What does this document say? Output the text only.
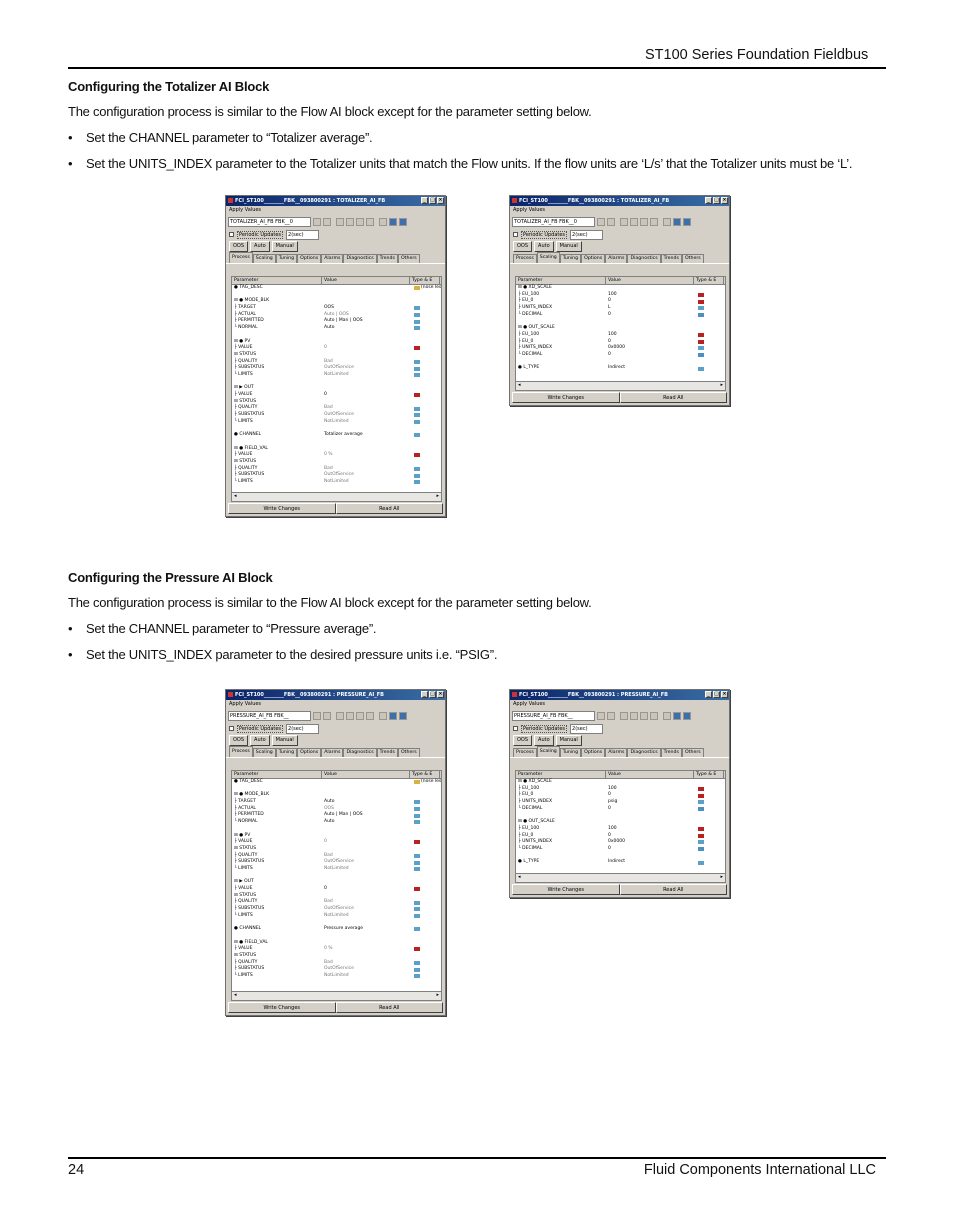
ST100 Series Foundation Fieldbus
Configuring the Totalizer AI Block
The configuration process is similar to the Flow AI block except for the parameter setting below.
• Set the CHANNEL parameter to “Totalizer average”.
• Set the UNITS_INDEX parameter to the Totalizer units that match the Flow units. If the flow units are ‘L/s’ that the Totalizer units must be ‘L’.
Configuring the Pressure AI Block
The configuration process is similar to the Flow AI block except for the parameter setting below.
• Set the CHANNEL parameter to “Pressure average”.
• Set the UNITS_INDEX parameter to the desired pressure units i.e. “PSIG”.
FCI_ST100________FBK__093800291 : TOTALIZER_AI_FB	_ □ ×
Apply Values
TOTALIZER_AI_FB FBK__0
Periodic Updates	2(sec)
OOS	Auto	Manual
Process	Scaling	Tuning	Options	Alarms	Diagnostics	Trends	Others
Parameter	Value	Type & E
● TAG_DESC	(nose les
⊟ ● MODE_BLK
├ TARGET	OOS
├ ACTUAL	Auto | OOS
├ PERMITTED	Auto | Man | OOS
└ NORMAL	Auto
⊟ ● PV
├ VALUE	0
⊟ STATUS
├ QUALITY	Bad
├ SUBSTATUS	OutOfService
└ LIMITS	NotLimited
⊟ ▶ OUT
├ VALUE	0
⊟ STATUS
├ QUALITY	Bad
├ SUBSTATUS	OutOfService
└ LIMITS	NotLimited
● CHANNEL	Totalizer average
⊟ ● FIELD_VAL
├ VALUE	0 %
⊟ STATUS
├ QUALITY	Bad
├ SUBSTATUS	OutOfService
└ LIMITS	NotLimited
◂	▸
Write Changes	Read All
FCI_ST100________FBK__093800291 : TOTALIZER_AI_FB	_ □ ×
Apply Values
TOTALIZER_AI_FB FBK__0
Periodic Updates	2(sec)
OOS	Auto	Manual
Process	Scaling	Tuning	Options	Alarms	Diagnostics	Trends	Others
Parameter	Value	Type & E
⊟ ● XD_SCALE
├ EU_100	100
├ EU_0	0
├ UNITS_INDEX	L
└ DECIMAL	0
⊟ ● OUT_SCALE
├ EU_100	100
├ EU_0	0
├ UNITS_INDEX	0x0000
└ DECIMAL	0
● L_TYPE	Indirect
◂	▸
Write Changes	Read All
FCI_ST100________FBK__093800291 : PRESSURE_AI_FB	_ □ ×
Apply Values
PRESSURE_AI_FB FBK__
Periodic Updates	2(sec)
OOS	Auto	Manual
Process	Scaling	Tuning	Options	Alarms	Diagnostics	Trends	Others
Parameter	Value	Type & E
● TAG_DESC	(nose les
⊟ ● MODE_BLK
├ TARGET	Auto
├ ACTUAL	OOS
├ PERMITTED	Auto | Man | OOS
└ NORMAL	Auto
⊟ ● PV
├ VALUE	0
⊟ STATUS
├ QUALITY	Bad
├ SUBSTATUS	OutOfService
└ LIMITS	NotLimited
⊟ ▶ OUT
├ VALUE	0
⊟ STATUS
├ QUALITY	Bad
├ SUBSTATUS	OutOfService
└ LIMITS	NotLimited
● CHANNEL	Pressure average
⊟ ● FIELD_VAL
├ VALUE	0 %
⊟ STATUS
├ QUALITY	Bad
├ SUBSTATUS	OutOfService
└ LIMITS	NotLimited
◂	▸
Write Changes	Read All
FCI_ST100________FBK__093800291 : PRESSURE_AI_FB	_ □ ×
Apply Values
PRESSURE_AI_FB FBK__
Periodic Updates	2(sec)
OOS	Auto	Manual
Process	Scaling	Tuning	Options	Alarms	Diagnostics	Trends	Others
Parameter	Value	Type & E
⊟ ● XD_SCALE
├ EU_100	100
├ EU_0	0
├ UNITS_INDEX	psig
└ DECIMAL	0
⊟ ● OUT_SCALE
├ EU_100	100
├ EU_0	0
├ UNITS_INDEX	0x0000
└ DECIMAL	0
● L_TYPE	Indirect
◂	▸
Write Changes	Read All
24	Fluid Components International LLC
